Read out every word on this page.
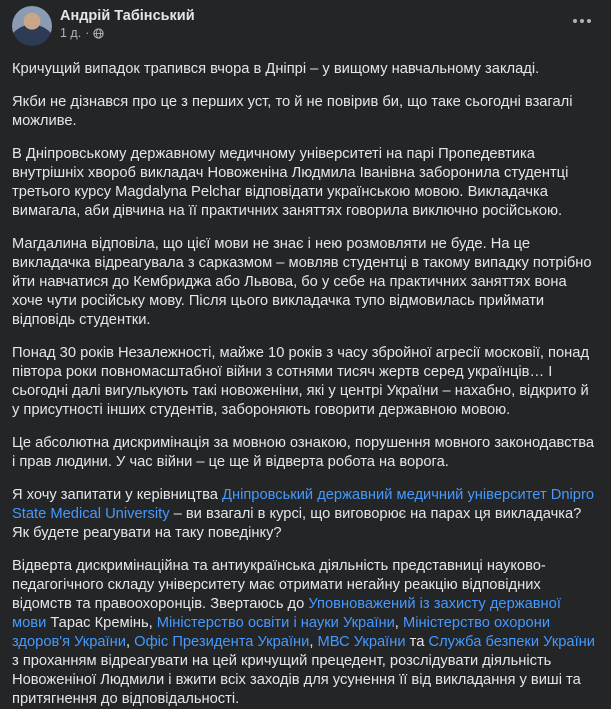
Андрій Табінський
1 д. ·

Кричущий випадок трапився вчора в Дніпрі – у вищому навчальному закладі.

Якби не дізнався про це з перших уст, то й не повірив би, що таке сьогодні взагалі можливе.

В Дніпровському державному медичному університеті на парі Пропедевтика внутрішніх хвороб викладач Новоженіна Людмила Іванівна заборонила студентці третього курсу Magdalyna Pelchar відповідати українською мовою. Викладачка вимагала, аби дівчина на її практичних заняттях говорила виключно російською.

Магдалина відповіла, що цієї мови не знає і нею розмовляти не буде. На це викладачка відреагувала з сарказмом – мовляв студентці в такому випадку потрібно йти навчатися до Кембриджа або Львова, бо у себе на практичних заняттях вона хоче чути російську мову. Після цього викладачка тупо відмовилась приймати відповідь студентки.

Понад 30 років Незалежності, майже 10 років з часу збройної агресії московії, понад півтора роки повномасштабної війни з сотнями тисяч жертв серед українців… І сьогодні далі вигулькують такі новоженіни, які у центрі України – нахабно, відкрито й у присутності інших студентів, забороняють говорити державною мовою.

Це абсолютна дискримінація за мовною ознакою, порушення мовного законодавства і прав людини. У час війни – це ще й відверта робота на ворога.

Я хочу запитати у керівництва Дніпровський державний медичний університет Dnipro State Medical University – ви взагалі в курсі, що виговорює на парах ця викладачка? Як будете реагувати на таку поведінку?

Відверта дискримінаційна та антиукраїнська діяльність представниці науково-педагогічного складу університету має отримати негайну реакцію відповідних відомств та правоохоронців. Звертаюсь до Уповноважений із захисту державної мови Тарас Кремінь, Міністерство освіти і науки України, Міністерство охорони здоров'я України, Офіс Президента України, МВС України та Служба безпеки України з проханням відреагувати на цей кричущий прецедент, розслідувати діяльність Новоженіної Людмили і вжити всіх заходів для усунення її від викладання у виші та притягнення до відповідальності.
